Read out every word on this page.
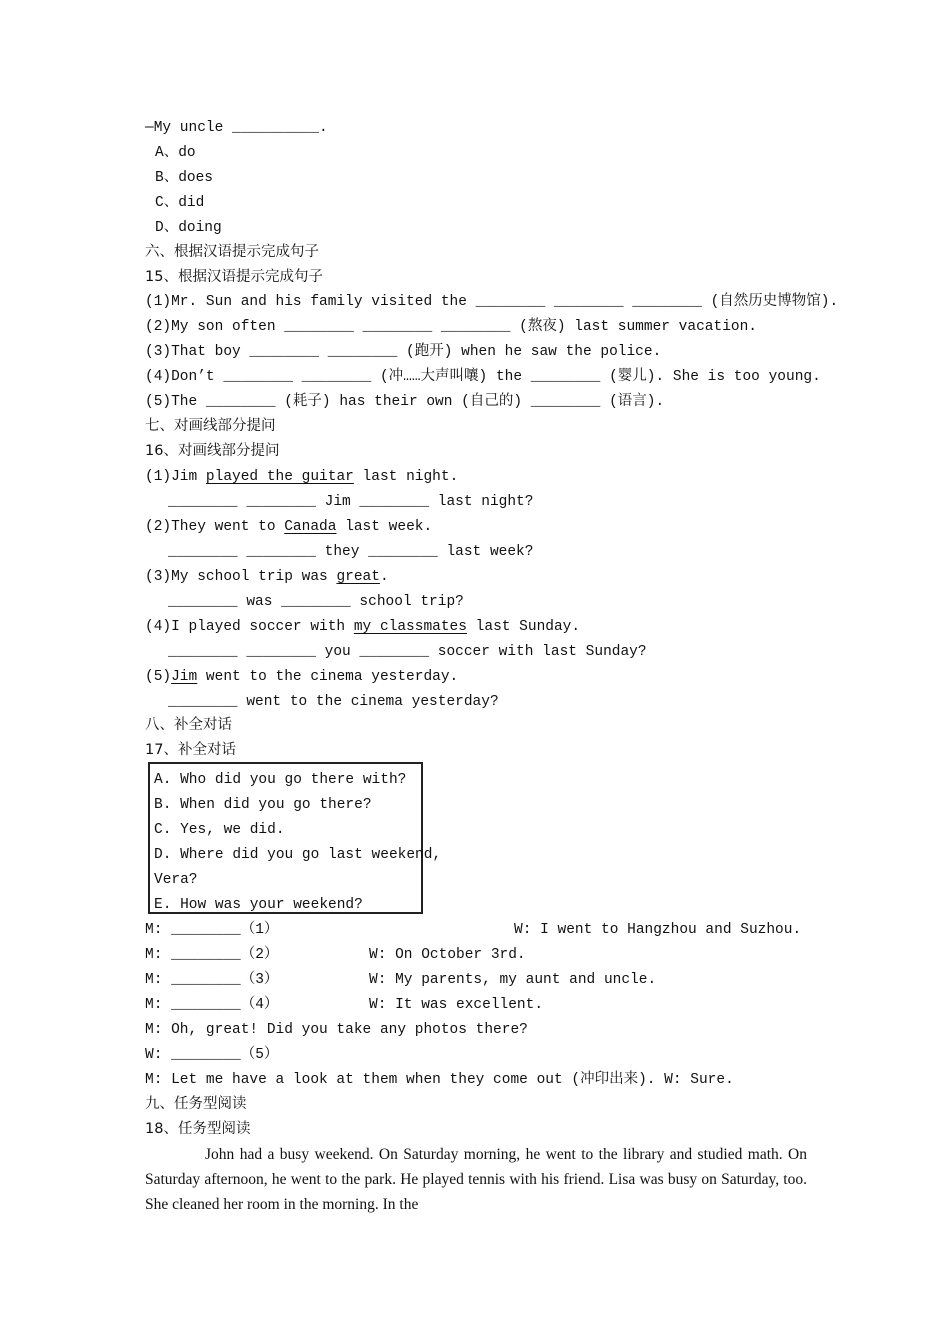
—My uncle __________.
A、do
B、does
C、did
D、doing
六、根据汉语提示完成句子
15、根据汉语提示完成句子
(1)Mr. Sun and his family visited the ________ ________ ________ (自然历史博物馆).
(2)My son often ________ ________ ________ (熬夜) last summer vacation.
(3)That boy ________ ________ (跑开) when he saw the police.
(4)Don’t ________ ________ (冲……大声叫嚷) the ________ (婴儿). She is too young.
(5)The ________ (耗子) has their own (自己的) ________ (语言).
七、对画线部分提问
16、对画线部分提问
(1)Jim played the guitar last night.
________ ________ Jim ________ last night?
(2)They went to Canada last week.
________ ________ they ________ last week?
(3)My school trip was great.
________ was ________ school trip?
(4)I played soccer with my classmates last Sunday.
________ ________ you ________ soccer with last Sunday?
(5)Jim went to the cinema yesterday.
________ went to the cinema yesterday?
八、补全对话
17、补全对话
A. Who did you go there with?
B. When did you go there?
C. Yes, we did.
D. Where did you go last weekend,
Vera?
E. How was your weekend?
M: ________（1）	W: I went to Hangzhou and Suzhou.
M: ________（2）	W: On October 3rd.
M: ________（3）	W: My parents, my aunt and uncle.
M: ________（4）	W: It was excellent.
M: Oh, great! Did you take any photos there?
W: ________（5）
M: Let me have a look at them when they come out (冲印出来). W: Sure.
九、任务型阅读
18、任务型阅读
John had a busy weekend. On Saturday morning, he went to the library and studied math. On Saturday afternoon, he went to the park. He played tennis with his friend. Lisa was busy on Saturday, too. She cleaned her room in the morning. In the
